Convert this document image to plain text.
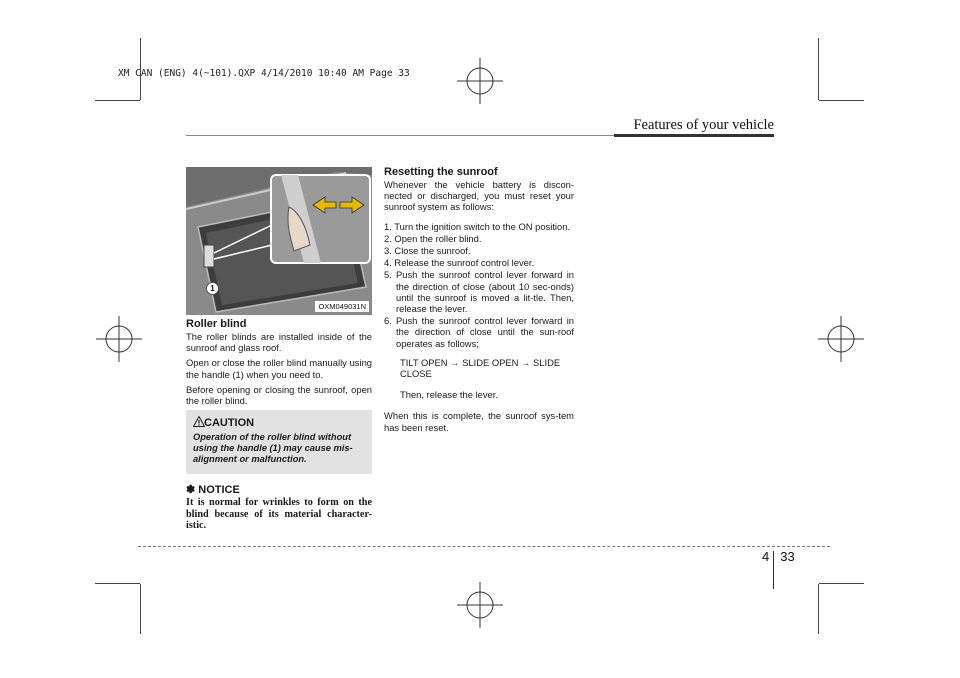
XM CAN (ENG) 4(~101).QXP 4/14/2010 10:40 AM Page 33
Features of your vehicle
1
OXM049031N
Roller blind

The roller blinds are installed inside of the sunroof and glass roof.

Open or close the roller blind manually using the handle (1) when you need to.

Before opening or closing the sunroof, open the roller blind.

CAUTION
Operation of the roller blind without using the handle (1) may cause mis-alignment or malfunction.
✽ NOTICE
It is normal for wrinkles to form on the blind because of its material character-istic.
Resetting the sunroof

Whenever the vehicle battery is discon-nected or discharged, you must reset your sunroof system as follows:

1. Turn the ignition switch to the ON position.
2. Open the roller blind.
3. Close the sunroof.
4. Release the sunroof control lever.
5. Push the sunroof control lever forward in the direction of close (about 10 sec-onds) until the sunroof is moved a lit-tle. Then, release the lever.
6. Push the sunroof control lever forward in the direction of close until the sun-roof operates as follows;
TILT OPEN → SLIDE OPEN → SLIDE CLOSE
Then, release the lever.

When this is complete, the sunroof sys-tem has been reset.

4 33
